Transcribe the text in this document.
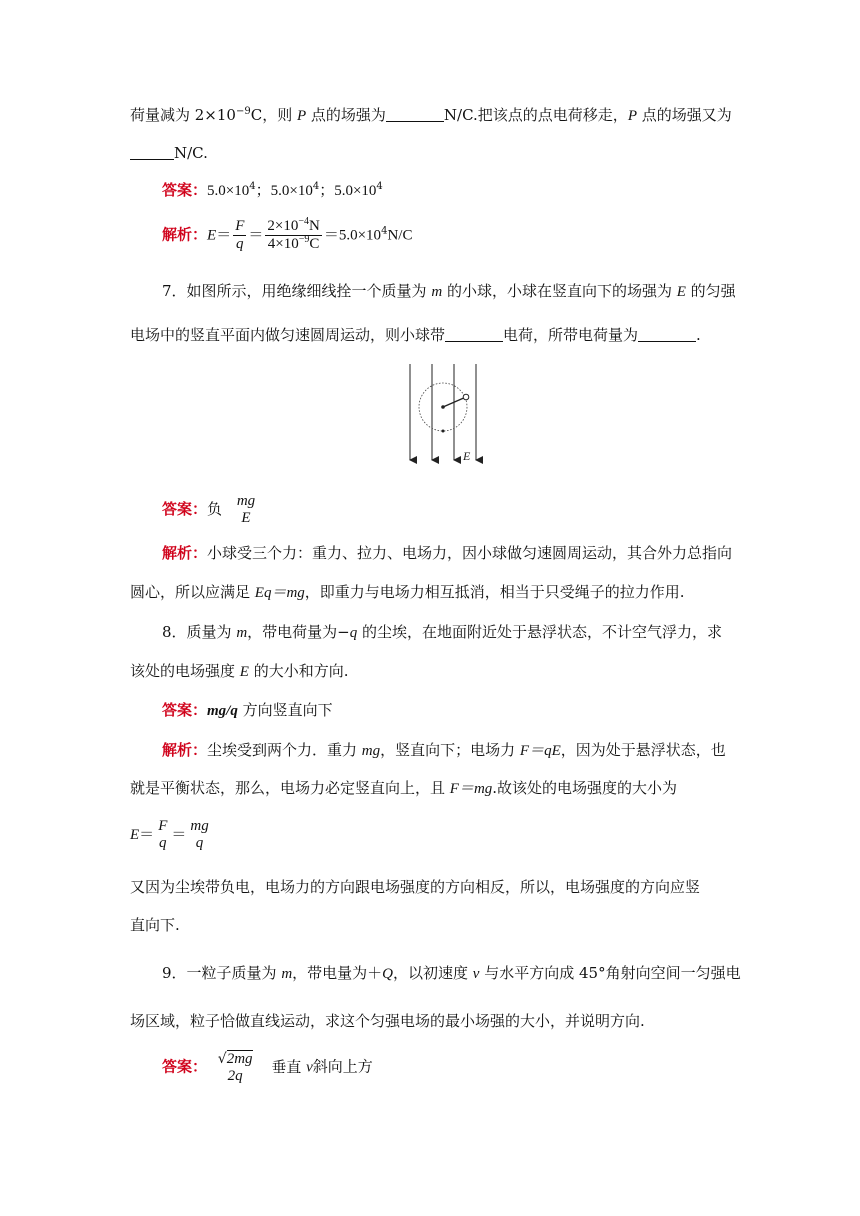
荷量减为 $2\times 10^{-9}C$，则 P 点的场强为	N/C.把该点的点电荷移走，P 点的场强又为
N/C.
答案：$5.0\times 10^4$；$5.0\times 10^4$；$5.0\times 10^4$
解析：$E= \frac{F}{q} = \frac{2\times 10^{-4}N}{4\times 10^{-9}C} =5.0\times 10^4N/C$
7．如图所示，用绝缘细线拴一个质量为 m 的小球，小球在竖直向下的场强为 E 的匀强
电场中的竖直平面内做匀速圆周运动，则小球带	电荷，所带电荷量为	.
E
答案：负 mg
E
解析：小球受三个力：重力、拉力、电场力，因小球做匀速圆周运动，其合外力总指向
圆心，所以应满足 Eq＝mg，即重力与电场力相互抵消，相当于只受绳子的拉力作用.
8．质量为 m，带电荷量为−q 的尘埃，在地面附近处于悬浮状态，不计空气浮力，求
该处的电场强度 E 的大小和方向.
答案：mg/q 方向竖直向下
解析：尘埃受到两个力．重力 mg，竖直向下；电场力 F＝qE，因为处于悬浮状态，也
就是平衡状态，那么，电场力必定竖直向上，且 F＝mg.故该处的电场强度的大小为
E＝ F
q ＝ mg
q
又因为尘埃带负电，电场力的方向跟电场强度的方向相反，所以，电场强度的方向应竖
直向下.
9．一粒子质量为 m，带电量为＋Q，以初速度 v 与水平方向成 45°角射向空间一匀强电
场区域，粒子恰做直线运动，求这个匀强电场的最小场强的大小，并说明方向.
答案： √2mg
2q
垂直 v斜向上方
